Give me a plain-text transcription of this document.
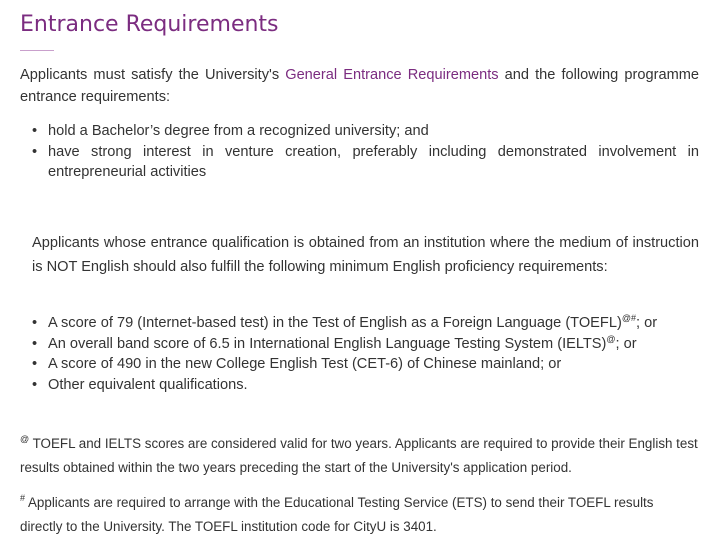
Entrance Requirements

Applicants must satisfy the University's General Entrance Requirements and the following programme entrance requirements:

• hold a Bachelor’s degree from a recognized university; and
• have strong interest in venture creation, preferably including demonstrated involvement in entrepreneurial activities

Applicants whose entrance qualification is obtained from an institution where the medium of instruction is NOT English should also fulfill the following minimum English proficiency requirements:

• A score of 79 (Internet-based test) in the Test of English as a Foreign Language (TOEFL)@#; or
• An overall band score of 6.5 in International English Language Testing System (IELTS)@; or
• A score of 490 in the new College English Test (CET-6) of Chinese mainland; or
• Other equivalent qualifications.

@ TOEFL and IELTS scores are considered valid for two years. Applicants are required to provide their English test results obtained within the two years preceding the start of the University's application period.

# Applicants are required to arrange with the Educational Testing Service (ETS) to send their TOEFL results directly to the University. The TOEFL institution code for CityU is 3401.
